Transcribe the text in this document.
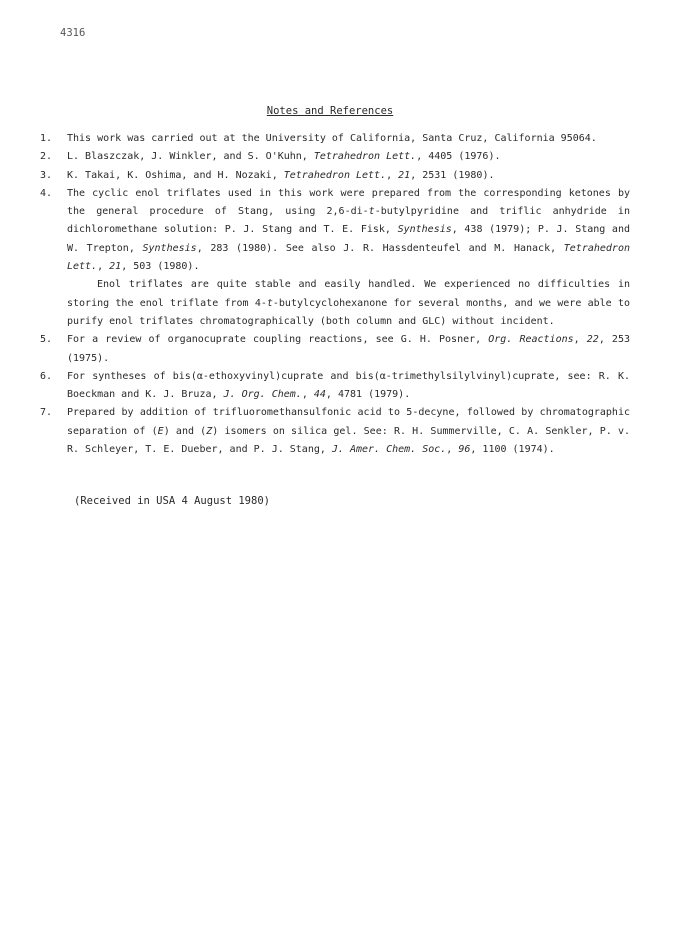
4316
Notes and References
1.	This work was carried out at the University of California, Santa Cruz, California 95064.

2.	L. Blaszczak, J. Winkler, and S. O'Kuhn, Tetrahedron Lett., 4405 (1976).

3.	K. Takai, K. Oshima, and H. Nozaki, Tetrahedron Lett., 21, 2531 (1980).

4.	The cyclic enol triflates used in this work were prepared from the corresponding ketones by the general procedure of Stang, using 2,6-di-t-butylpyridine and triflic anhydride in dichloromethane solution: P. J. Stang and T. E. Fisk, Synthesis, 438 (1979); P. J. Stang and W. Trepton, Synthesis, 283 (1980). See also J. R. Hassdenteufel and M. Hanack, Tetrahedron Lett., 21, 503 (1980).

Enol triflates are quite stable and easily handled. We experienced no difficulties in storing the enol triflate from 4-t-butylcyclohexanone for several months, and we were able to purify enol triflates chromatographically (both column and GLC) without incident.

5.	For a review of organocuprate coupling reactions, see G. H. Posner, Org. Reactions, 22, 253 (1975).

6.	For syntheses of bis(α-ethoxyvinyl)cuprate and bis(α-trimethylsilylvinyl)cuprate, see: R. K. Boeckman and K. J. Bruza, J. Org. Chem., 44, 4781 (1979).

7.	Prepared by addition of trifluoromethansulfonic acid to 5-decyne, followed by chromatographic separation of (E) and (Z) isomers on silica gel. See: R. H. Summerville, C. A. Senkler, P. v. R. Schleyer, T. E. Dueber, and P. J. Stang, J. Amer. Chem. Soc., 96, 1100 (1974).

(Received in USA 4 August 1980)
